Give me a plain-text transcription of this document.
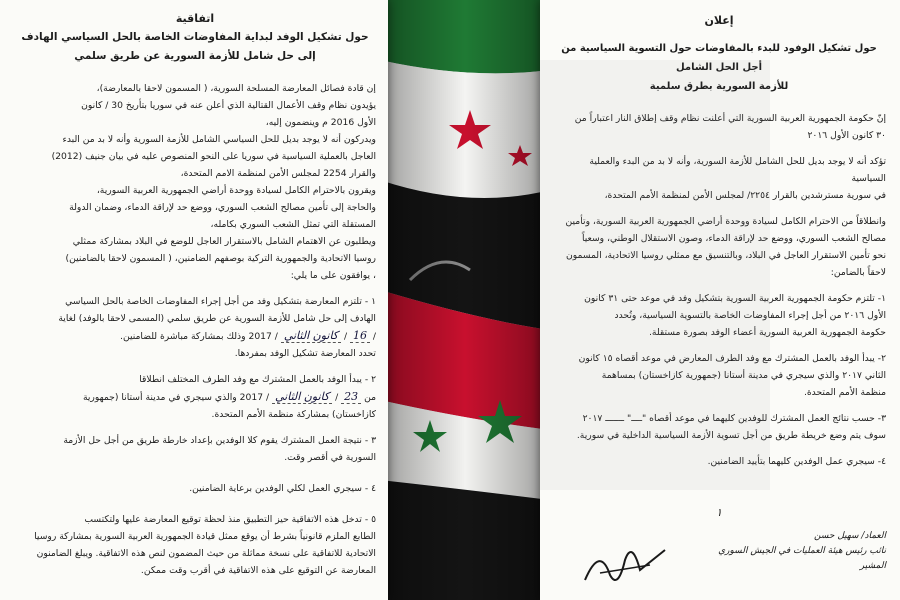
اتفاقية

حول تشكيل الوفد لبداية المفاوضات الخاصة بالحل السياسي الهادف

إلى حل شامل للأزمة السورية عن طريق سلمي

إن قادة فصائل المعارضة المسلحة السورية، ( المسمون لاحقا بالمعارضة)،

يؤيدون نظام وقف الأعمال القتالية الذي أعلن عنه في سوريا بتأريخ 30 / كانون

الأول 2016 م وينضمون إليه،

ويدركون أنه لا يوجد بديل للحل السياسي الشامل للأزمة السورية وأنه لا بد من البدء

العاجل بالعملية السياسية في سوريا على النحو المنصوص عليه في بيان جنيف (2012)

والقرار 2254 لمجلس الأمن لمنظمة الامم المتحدة،

ويقرون بالاحترام الكامل لسيادة ووحدة أراضي الجمهورية العربية السورية،

والحاجة إلى تأمين مصالح الشعب السوري، ووضع حد لإراقة الدماء، وضمان الدولة

المستقلة التي تمثل الشعب السوري بكامله،

ويطلبون عن الاهتمام الشامل بالاستقرار العاجل للوضع في البلاد بمشاركة ممثلي

روسيا الاتحادية والجمهورية التركية بوصفهم الضامنين، ( المسمون لاحقا بالضامنين)

، يوافقون على ما يلي:

١ - تلتزم المعارضة بتشكيل وفد من أجل إجراء المفاوضات الخاصة بالحل السياسي

الهادف إلى حل شامل للأزمة السورية عن طريق سلمي (المسمى لاحقا بالوفد) لغاية

/ 16 / كانون الثاني / 2017 وذلك بمشاركة مباشرة للضامنين.

تحدد المعارضة تشكيل الوفد بمفردها.

٢ - يبدأ الوفد بالعمل المشترك مع وفد الطرف المختلف انطلاقا

من 23 / كانون الثاني / 2017 والذي سيجري في مدينة أستانا (جمهورية

كازاخستان) بمشاركة منظمة الأمم المتحدة.

٣ - نتيجة العمل المشترك يقوم كلا الوفدين بإعداد خارطة طريق من أجل حل الأزمة

السورية في أقصر وقت.

٤ - سيجري العمل لكلي الوفدين برعاية الضامنين.

٥ - تدخل هذه الاتفاقية حيز التطبيق منذ لحظة توقيع المعارضة عليها ولتكتسب

الطابع الملزم قانونياً بشرط أن يوقع ممثل قيادة الجمهورية العربية السورية بمشاركة روسيا

الاتحادية للاتفاقية على نسخة مماثلة من حيث المضمون لنص هذه الاتفاقية. ويبلغ الضامنون

المعارضة عن التوقيع على هذه الاتفاقية في أقرب وقت ممكن.

إعلان

حول تشكيل الوفود للبدء بالمفاوضات حول التسوية السياسية من أجل الحل الشامل

للأزمة السورية بطرق سلمية

إنّ حكومة الجمهورية العربية السورية التي أعلنت نظام وقف إطلاق النار اعتباراً من

٣٠ كانون الأول ٢٠١٦

تؤكد أنه لا يوجد بديل للحل الشامل للأزمة السورية، وأنه لا بد من البدء والعملية السياسية

في سورية مسترشدين بالقرار ٢٢٥٤/ لمجلس الأمن لمنظمة الأمم المتحدة،

وانطلاقاً من الاحترام الكامل لسيادة ووحدة أراضي الجمهورية العربية السورية، وتأمين

مصالح الشعب السوري، ووضع حد لإراقة الدماء، وصون الاستقلال الوطني، وسعياً

نحو تأمين الاستقرار العاجل في البلاد، وبالتنسيق مع ممثلي روسيا الاتحادية، المسمون

لاحقاً بالضامن:

١- تلتزم حكومة الجمهورية العربية السورية بتشكيل وفد في موعد حتى ٣١ كانون

الأول ٢٠١٦ من أجل إجراء المفاوضات الخاصة بالتسوية السياسية، وتُحدد

حكومة الجمهورية العربية السورية أعضاء الوفد بصورة مستقلة.

٢- يبدأ الوفد بالعمل المشترك مع وفد الطرف المعارض في موعد أقصاه ١٥ كانون

الثاني ٢٠١٧ والذي سيجري في مدينة أستانا (جمهورية كازاخستان) بمساهمة

منظمة الأمم المتحدة.

٣- حسب نتائج العمل المشترك للوفدين كليهما في موعد أقصاه "ــــ" ـــــــ ٢٠١٧

سوف يتم وضع خريطة طريق من أجل تسوية الأزمة السياسية الداخلية في سورية.

٤- سيجري عمل الوفدين كليهما بتأييد الضامنين.

١
العماد/ سهيل حسن
نائب رئيس هيئة العمليات في الجيش السوري
المشير
